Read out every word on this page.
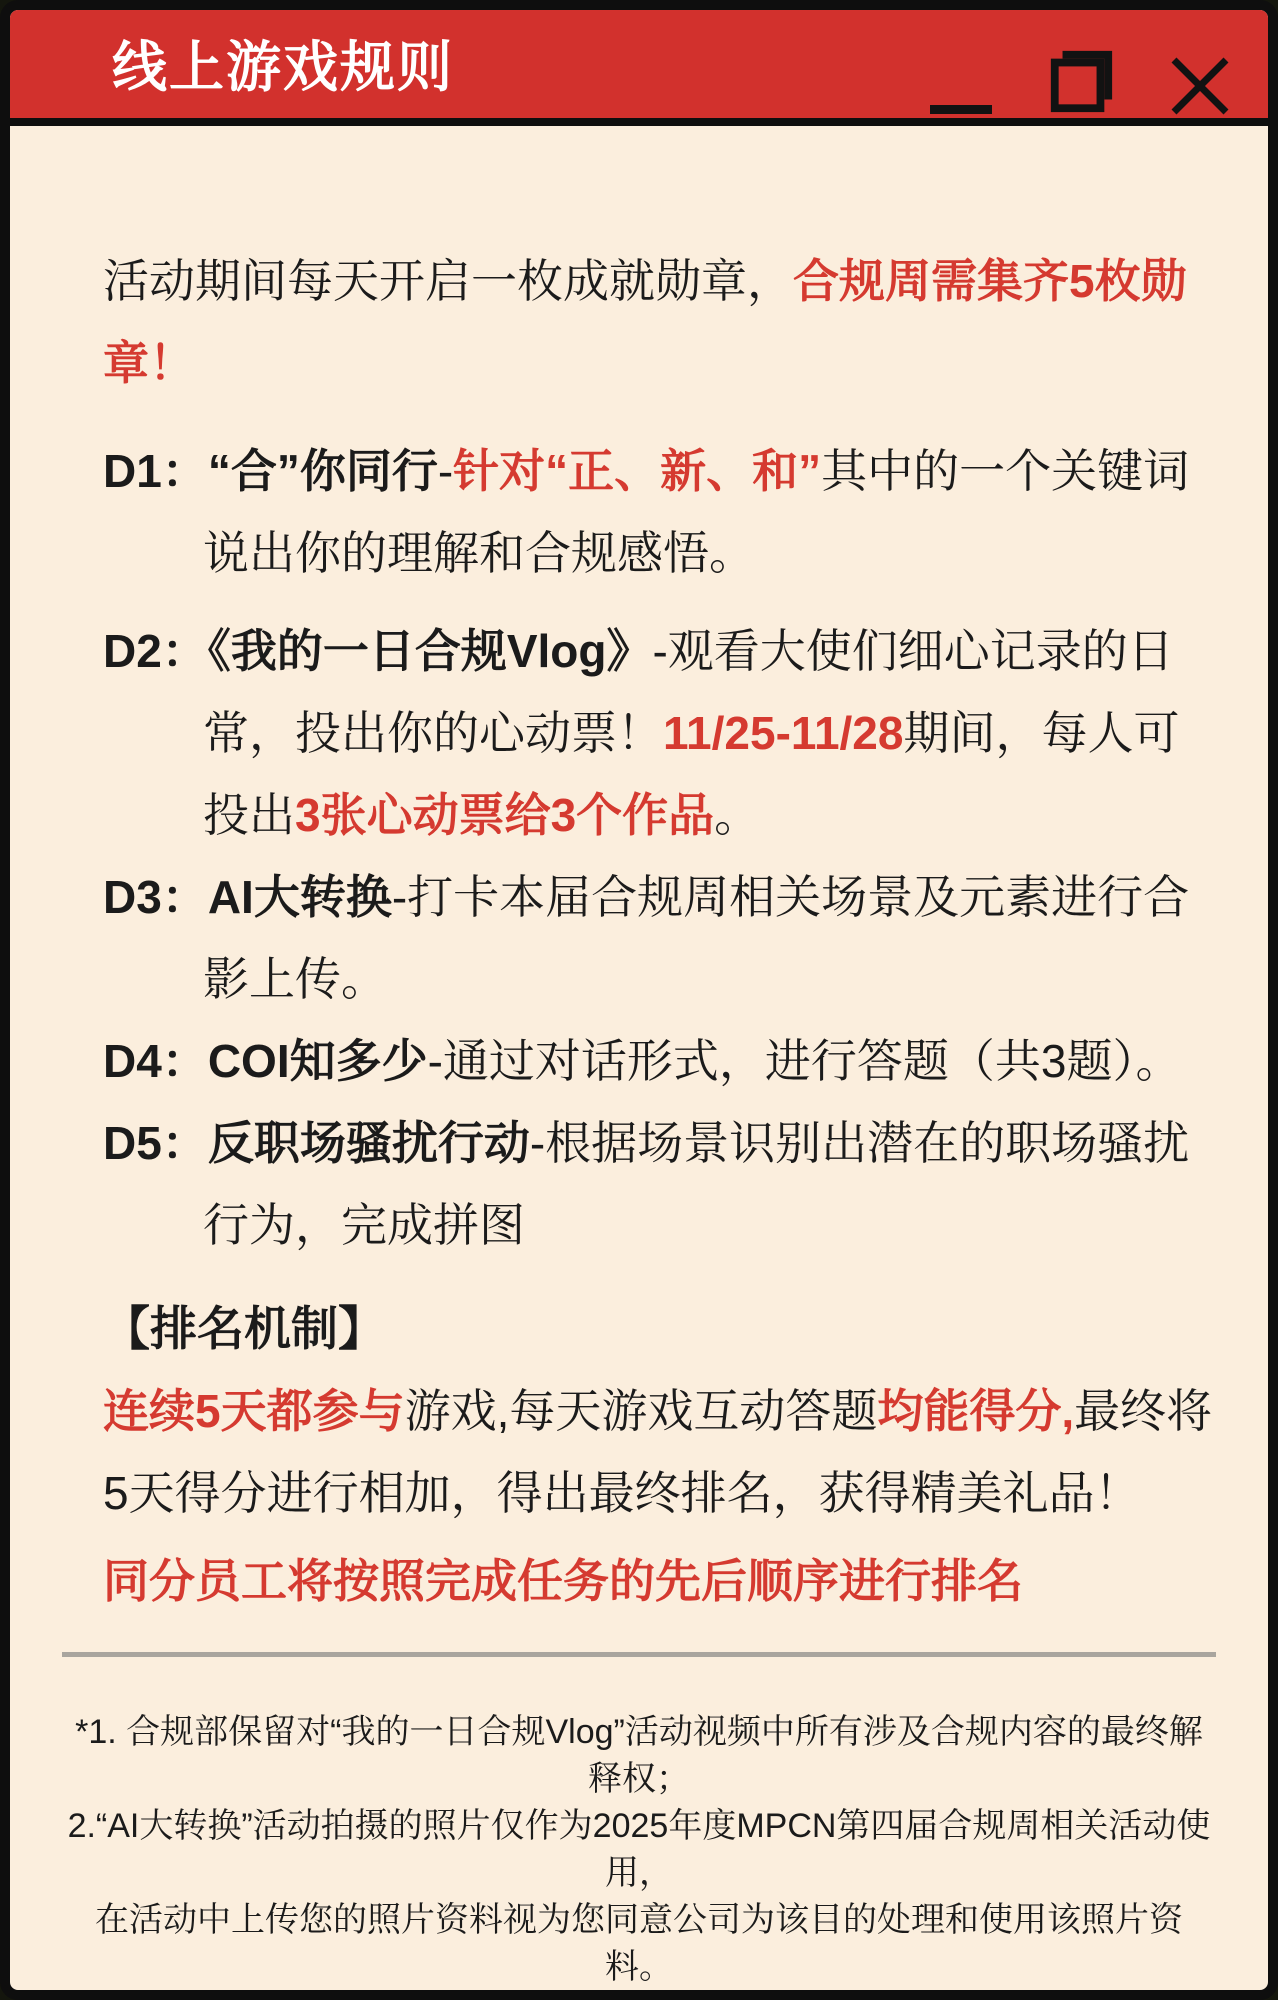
线上游戏规则

活动期间每天开启一枚成就勋章，合规周需集齐5枚勋章！

D1：“合”你同行-针对“正、新、和”其中的一个关键词说出你的理解和合规感悟。
D2：《我的一日合规Vlog》-观看大使们细心记录的日常，投出你的心动票！11/25-11/28期间，每人可投出3张心动票给3个作品。
D3：AI大转换-打卡本届合规周相关场景及元素进行合影上传。
D4：COI知多少-通过对话形式，进行答题（共3题）。
D5：反职场骚扰行动-根据场景识别出潜在的职场骚扰行为，完成拼图
【排名机制】

连续5天都参与游戏,每天游戏互动答题均能得分,最终将5天得分进行相加，得出最终排名，获得精美礼品！

同分员工将按照完成任务的先后顺序进行排名

*1. 合规部保留对“我的一日合规Vlog”活动视频中所有涉及合规内容的最终解释权；
2.“AI大转换”活动拍摄的照片仅作为2025年度MPCN第四届合规周相关活动使用，
在活动中上传您的照片资料视为您同意公司为该目的处理和使用该照片资料。
